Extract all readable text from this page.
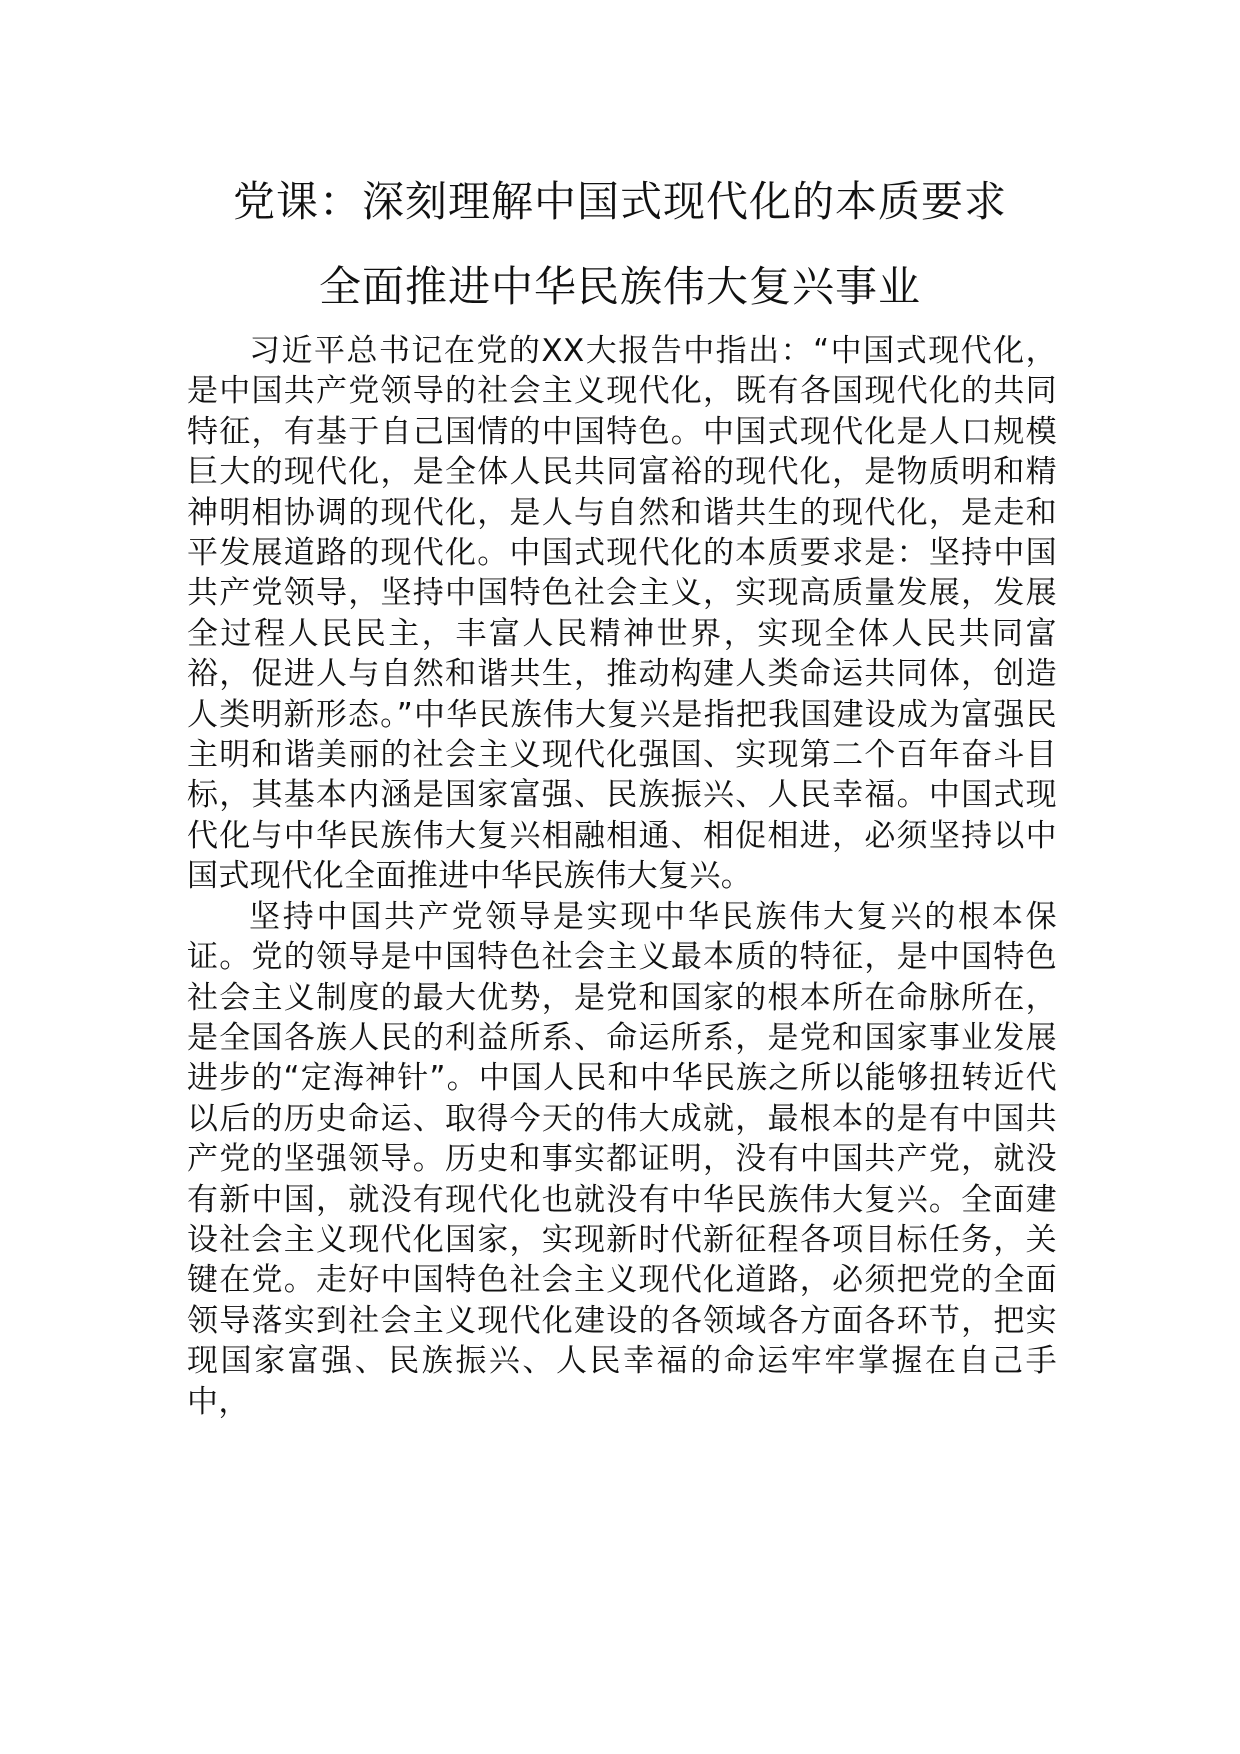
党课：深刻理解中国式现代化的本质要求
全面推进中华民族伟大复兴事业

习近平总书记在党的XX大报告中指出：“中国式现代化，是中国共产党领导的社会主义现代化，既有各国现代化的共同特征，有基于自己国情的中国特色。中国式现代化是人口规模巨大的现代化，是全体人民共同富裕的现代化，是物质明和精神明相协调的现代化，是人与自然和谐共生的现代化，是走和平发展道路的现代化。中国式现代化的本质要求是：坚持中国共产党领导，坚持中国特色社会主义，实现高质量发展，发展全过程人民民主，丰富人民精神世界，实现全体人民共同富裕，促进人与自然和谐共生，推动构建人类命运共同体，创造人类明新形态。”中华民族伟大复兴是指把我国建设成为富强民主明和谐美丽的社会主义现代化强国、实现第二个百年奋斗目标，其基本内涵是国家富强、民族振兴、人民幸福。中国式现代化与中华民族伟大复兴相融相通、相促相进，必须坚持以中国式现代化全面推进中华民族伟大复兴。

坚持中国共产党领导是实现中华民族伟大复兴的根本保证。党的领导是中国特色社会主义最本质的特征，是中国特色社会主义制度的最大优势，是党和国家的根本所在命脉所在，是全国各族人民的利益所系、命运所系，是党和国家事业发展进步的“定海神针”。中国人民和中华民族之所以能够扭转近代以后的历史命运、取得今天的伟大成就，最根本的是有中国共产党的坚强领导。历史和事实都证明，没有中国共产党，就没有新中国，就没有现代化也就没有中华民族伟大复兴。全面建设社会主义现代化国家，实现新时代新征程各项目标任务，关键在党。走好中国特色社会主义现代化道路，必须把党的全面领导落实到社会主义现代化建设的各领域各方面各环节，把实现国家富强、民族振兴、人民幸福的命运牢牢掌握在自己手中，
